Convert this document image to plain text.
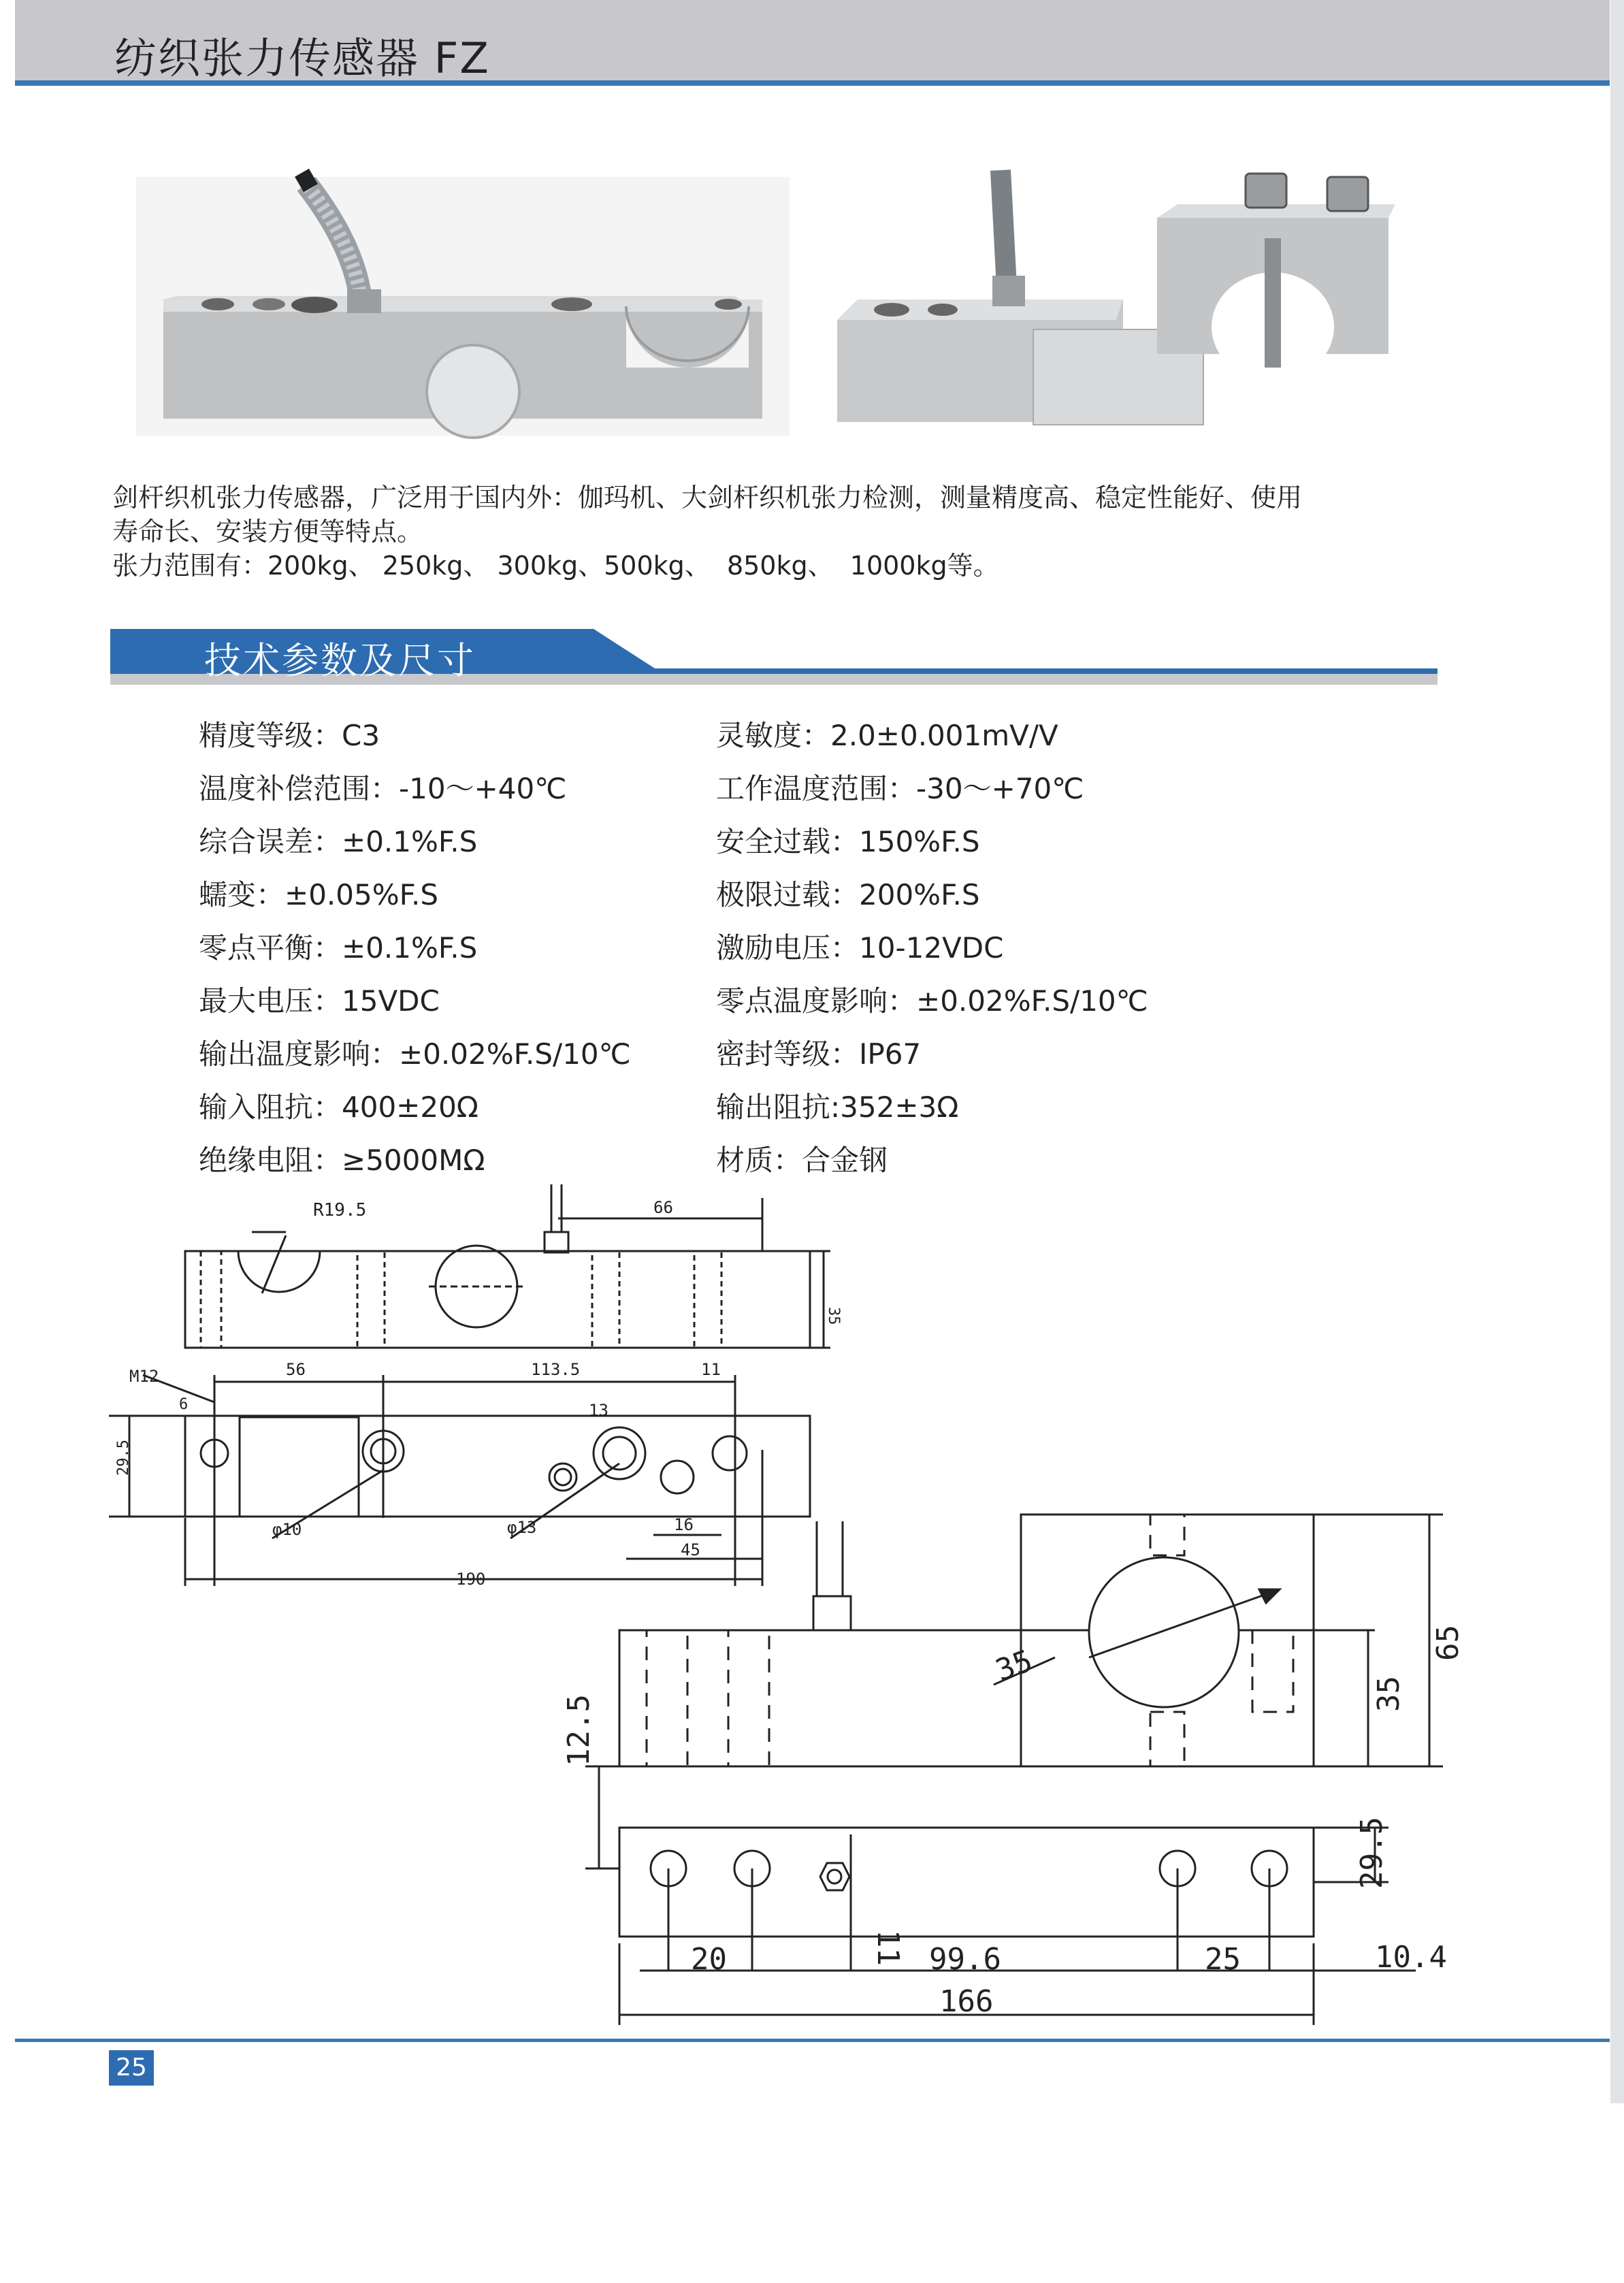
纺织张力传感器 FZ

剑杆织机张力传感器，广泛用于国内外：伽玛机、大剑杆织机张力检测，测量精度高、稳定性能好、使用

寿命长、安装方便等特点。

张力范围有：200kg、 250kg、 300kg、500kg、  850kg、  1000kg等。

技术参数及尺寸
精度等级：C3	灵敏度：2.0±0.001mV/V
温度补偿范围：-10～+40℃	工作温度范围：-30～+70℃
综合误差：±0.1%F.S	安全过载：150%F.S
蠕变：±0.05%F.S	极限过载：200%F.S
零点平衡：±0.1%F.S	激励电压：10-12VDC
最大电压：15VDC	零点温度影响：±0.02%F.S/10℃
输出温度影响：±0.02%F.S/10℃	密封等级：IP67
输入阻抗：400±20Ω	输出阻抗:352±3Ω
绝缘电阻：≥5000MΩ	材质：合金钢
R19.5	66
35
M12	56	113.5	11
13
6
29.5
φ10	φ13	16
45
190
35
35
65
12.5
29.5
11
20	99.6	25	10.4
166
25
